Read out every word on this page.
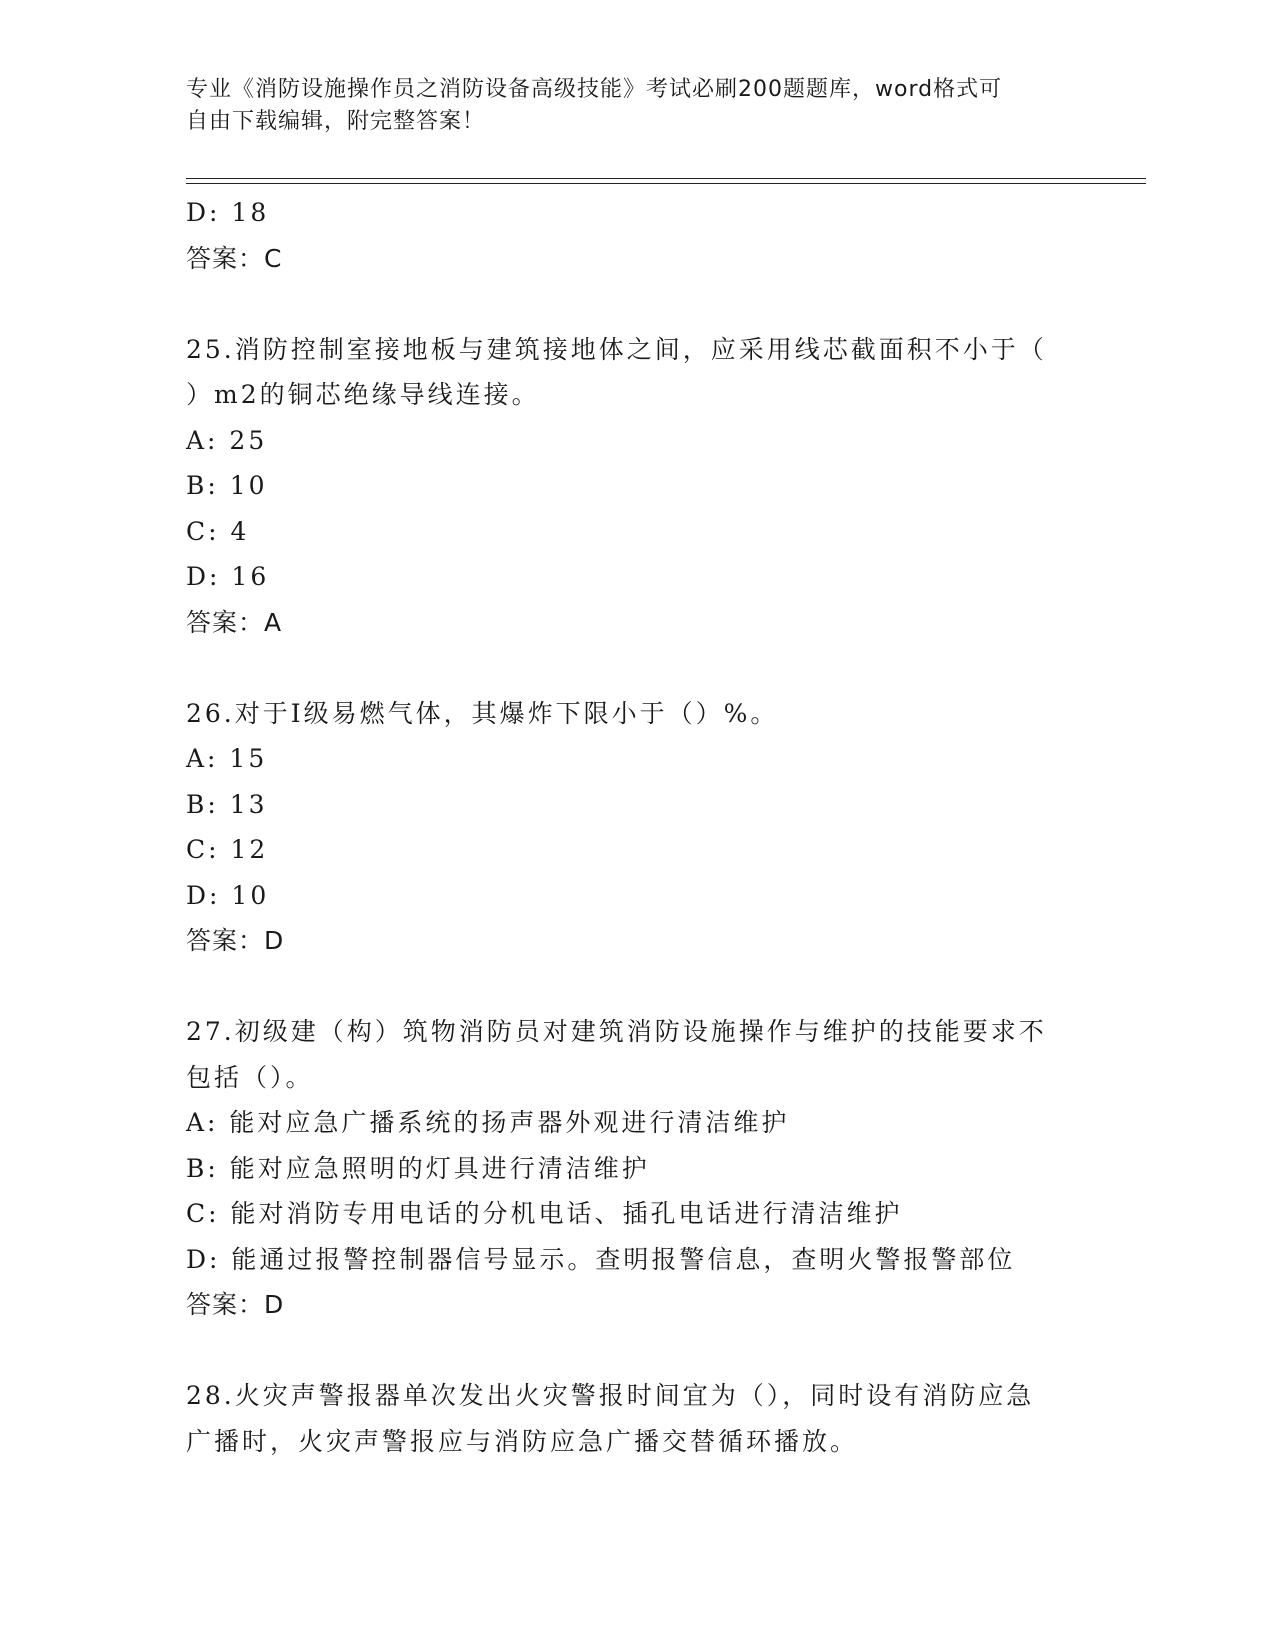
专业《消防设施操作员之消防设备高级技能》考试必刷200题题库，word格式可
自由下载编辑，附完整答案！
D: 18
答案：C
25.消防控制室接地板与建筑接地体之间，应采用线芯截面积不小于（
）m2的铜芯绝缘导线连接。
A: 25
B: 10
C: 4
D: 16
答案：A
26.对于Ⅰ级易燃气体，其爆炸下限小于（）%。
A: 15
B: 13
C: 12
D: 10
答案：D
27.初级建（构）筑物消防员对建筑消防设施操作与维护的技能要求不
包括（）。
A: 能对应急广播系统的扬声器外观进行清洁维护
B: 能对应急照明的灯具进行清洁维护
C: 能对消防专用电话的分机电话、插孔电话进行清洁维护
D: 能通过报警控制器信号显示。查明报警信息，查明火警报警部位
答案：D
28.火灾声警报器单次发出火灾警报时间宜为（），同时设有消防应急
广播时，火灾声警报应与消防应急广播交替循环播放。
